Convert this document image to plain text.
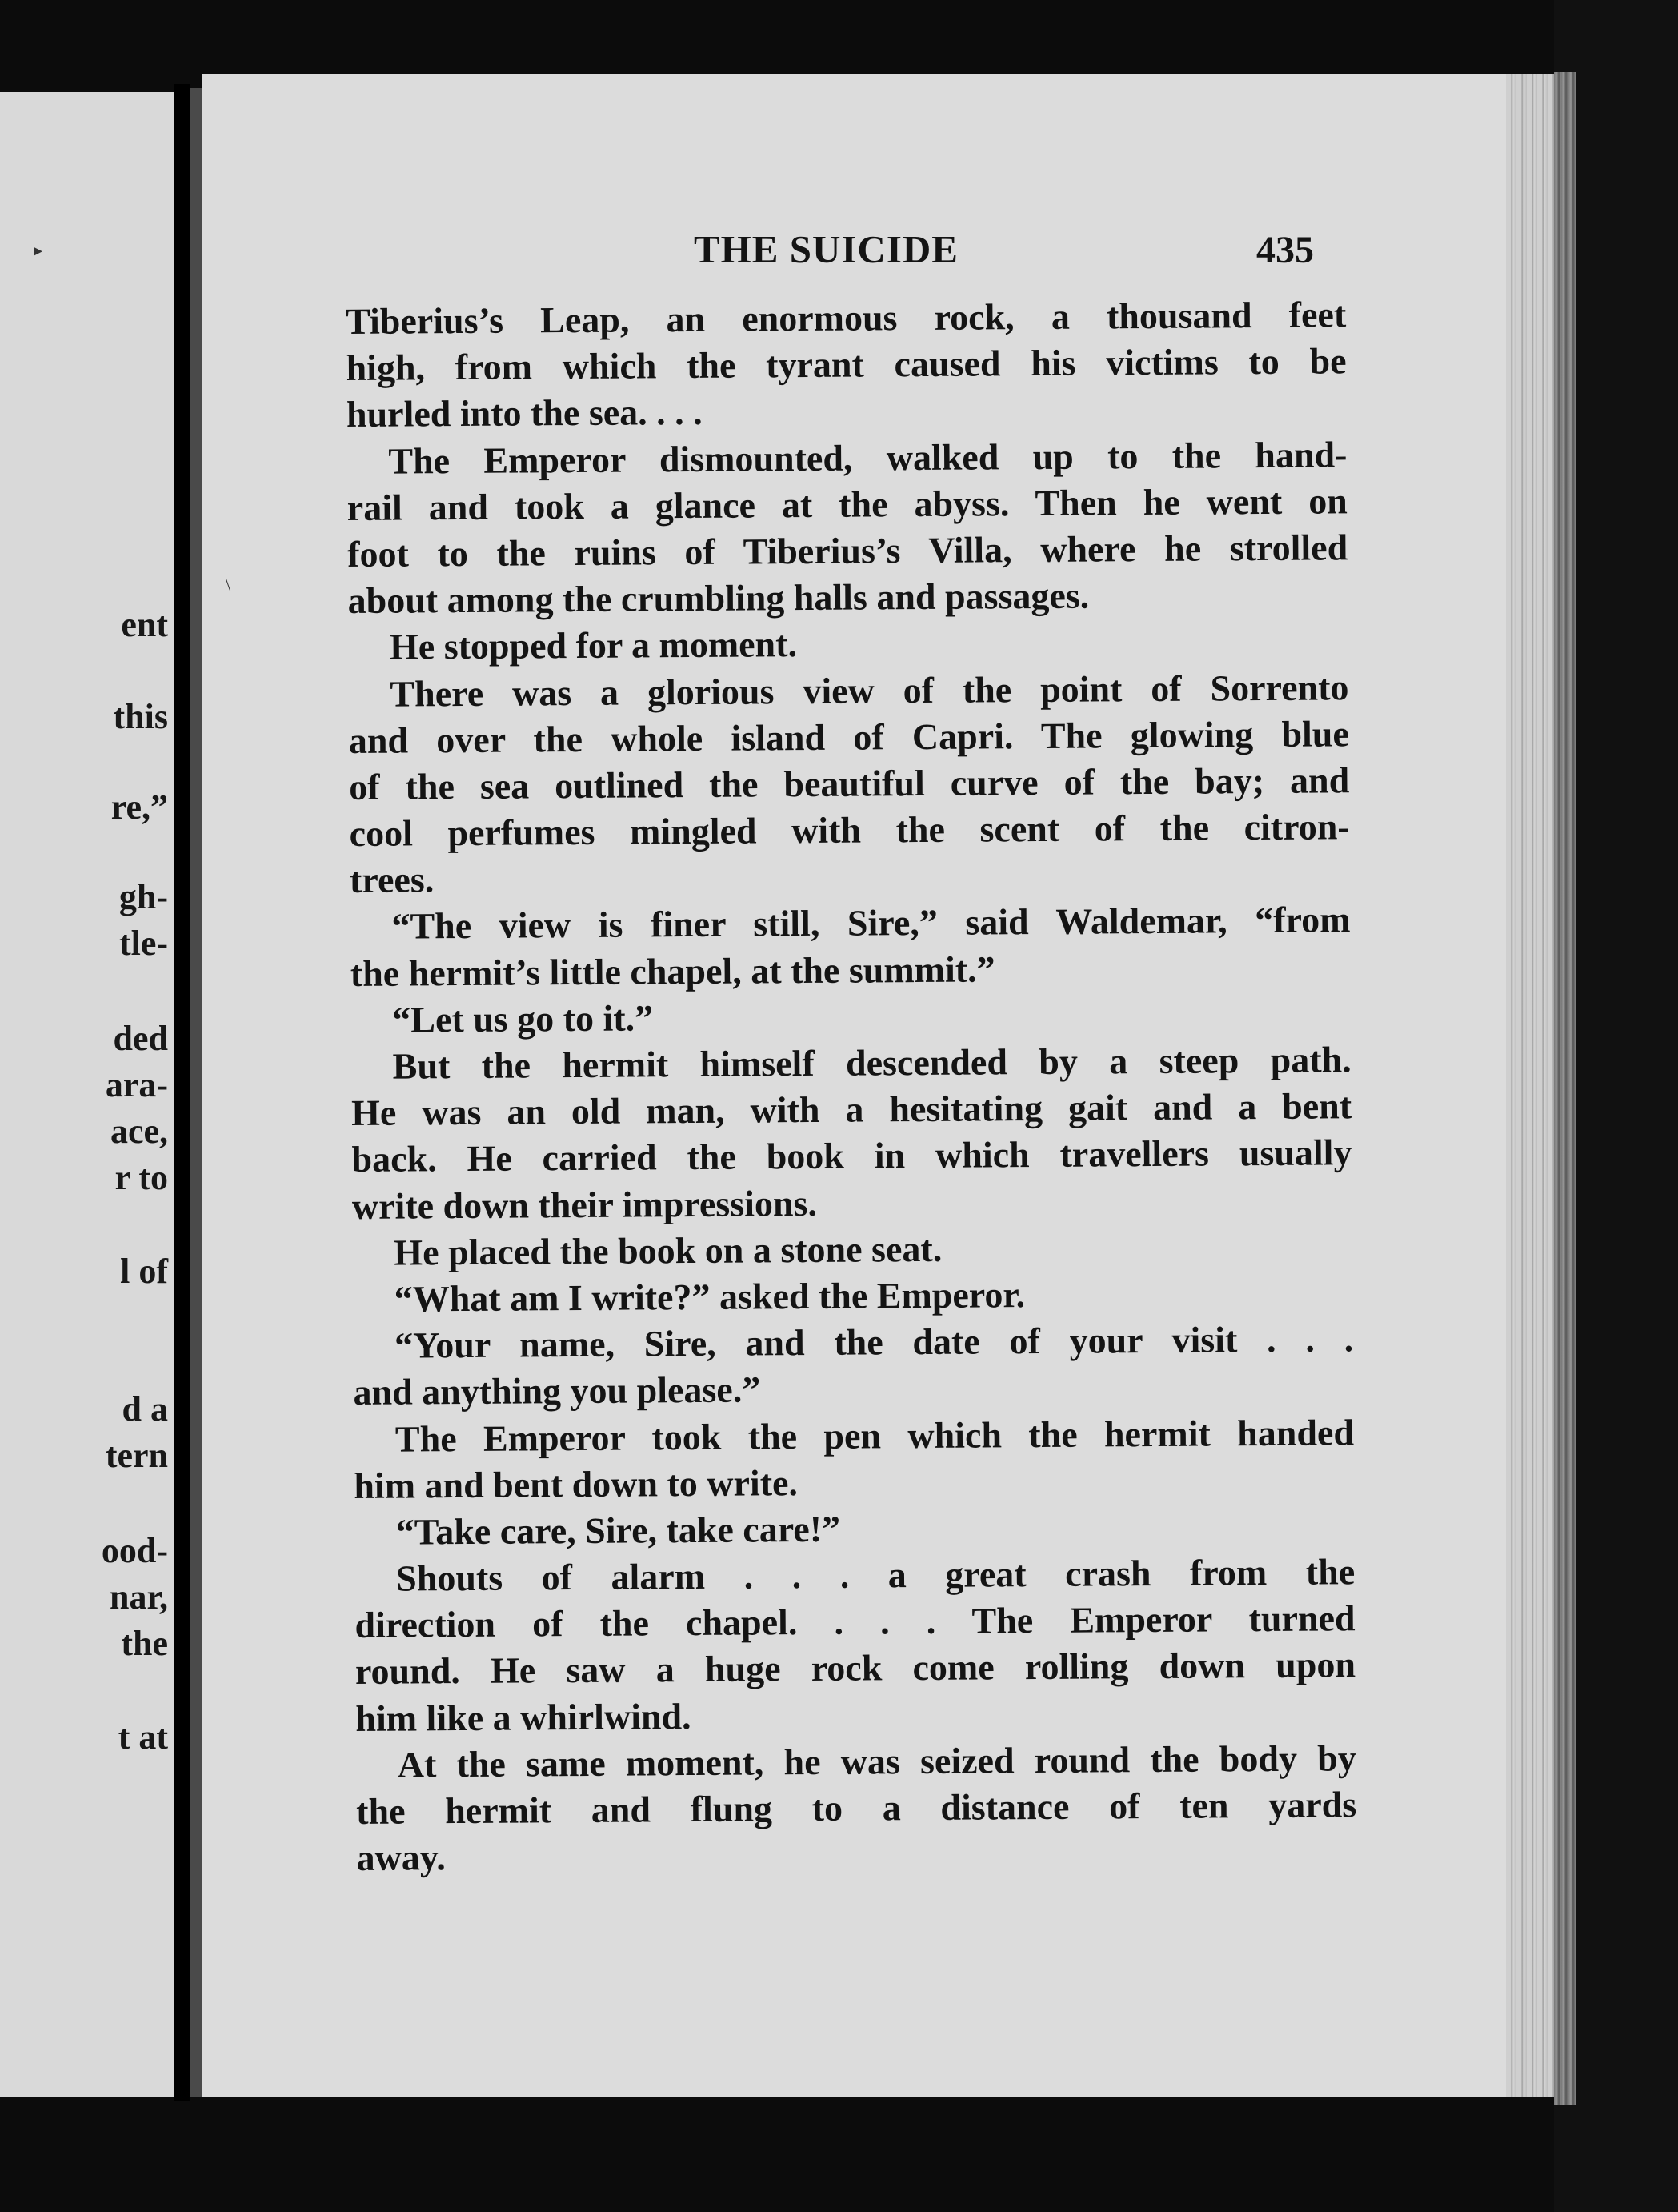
▸
ent
this
re,”
gh-
tle-
ded
ara-
ace,
r to
l of
d a
tern
ood-
nar,
the
t at
\
THE SUICIDE	435
Tiberius’s Leap, an enormous rock, a thousand feet
high, from which the tyrant caused his victims to be
hurled into the sea. . . .
The Emperor dismounted, walked up to the hand-
rail and took a glance at the abyss. Then he went on
foot to the ruins of Tiberius’s Villa, where he strolled
about among the crumbling halls and passages.
He stopped for a moment.
There was a glorious view of the point of Sorrento
and over the whole island of Capri. The glowing blue
of the sea outlined the beautiful curve of the bay; and
cool perfumes mingled with the scent of the citron-
trees.
“The view is finer still, Sire,” said Waldemar, “from
the hermit’s little chapel, at the summit.”
“Let us go to it.”
But the hermit himself descended by a steep path.
He was an old man, with a hesitating gait and a bent
back. He carried the book in which travellers usually
write down their impressions.
He placed the book on a stone seat.
“What am I write?” asked the Emperor.
“Your name, Sire, and the date of your visit . . .
and anything you please.”
The Emperor took the pen which the hermit handed
him and bent down to write.
“Take care, Sire, take care!”
Shouts of alarm . . . a great crash from the
direction of the chapel. . . . The Emperor turned
round. He saw a huge rock come rolling down upon
him like a whirlwind.
At the same moment, he was seized round the body by
the hermit and flung to a distance of ten yards
away.
